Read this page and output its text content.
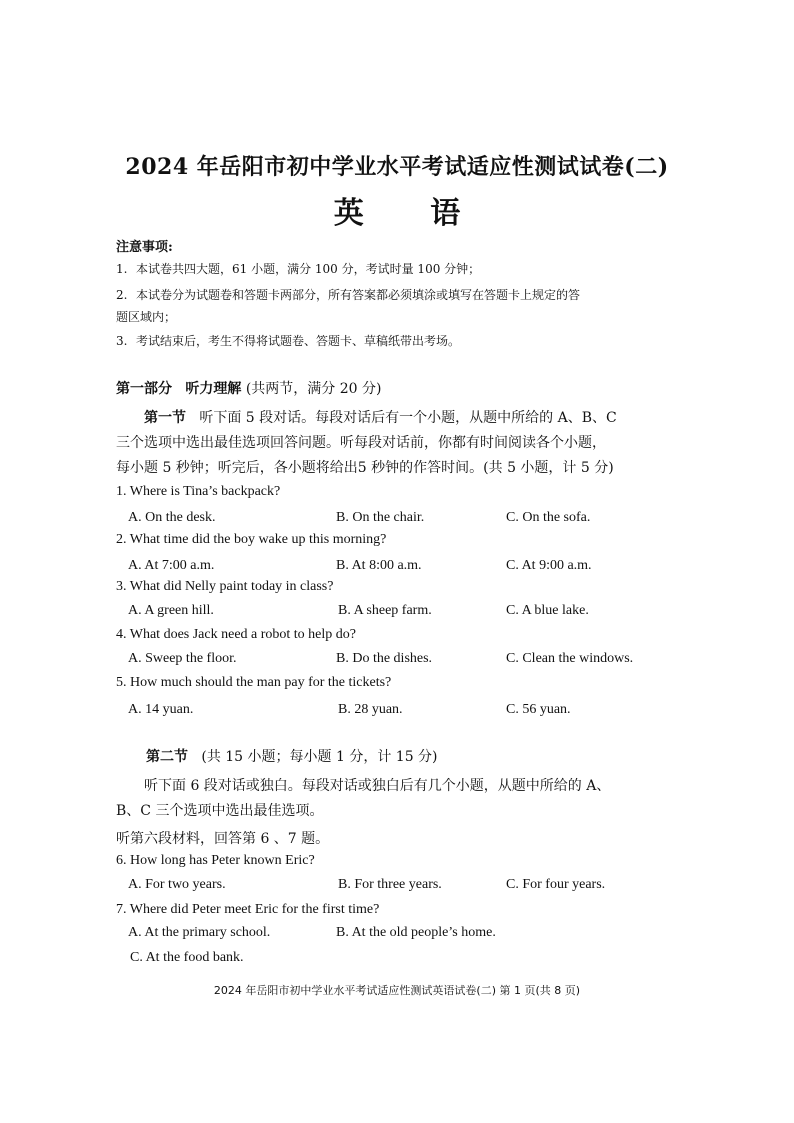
2024 年岳阳市初中学业水平考试适应性测试试卷(二)
英 语
注意事项:
1. 本试卷共四大题，61 小题，满分 100 分，考试时量 100 分钟；
2. 本试卷分为试题卷和答题卡两部分，所有答案都必须填涂或填写在答题卡上规定的答
题区域内；
3. 考试结束后，考生不得将试题卷、答题卡、草稿纸带出考场。
第一部分 听力理解 (共两节，满分 20 分)
第一节 听下面 5 段对话。每段对话后有一个小题，从题中所给的 A、B、C
三个选项中选出最佳选项回答问题。听每段对话前，你都有时间阅读各个小题，
每小题 5 秒钟；听完后，各小题将给出5 秒钟的作答时间。(共 5 小题，计 5 分)
1. Where is Tina’s backpack?
A. On the desk.	B. On the chair.	C. On the sofa.
2. What time did the boy wake up this morning?
A. At 7:00 a.m.	B. At 8:00 a.m.	C. At 9:00 a.m.
3. What did Nelly paint today in class?
A. A green hill.	B. A sheep farm.	C. A blue lake.
4. What does Jack need a robot to help do?
A. Sweep the floor.	B. Do the dishes.	C. Clean the windows.
5. How much should the man pay for the tickets?
A. 14 yuan.	B. 28 yuan.	C. 56 yuan.
第二节 (共 15 小题；每小题 1 分，计 15 分)
听下面 6 段对话或独白。每段对话或独白后有几个小题，从题中所给的 A、
B、C 三个选项中选出最佳选项。
听第六段材料，回答第 6 、7 题。
6. How long has Peter known Eric?
A. For two years.	B. For three years.	C. For four years.
7. Where did Peter meet Eric for the first time?
A. At the primary school.	B. At the old people’s home.
C. At the food bank.
2024 年岳阳市初中学业水平考试适应性测试英语试卷(二) 第 1 页(共 8 页)
